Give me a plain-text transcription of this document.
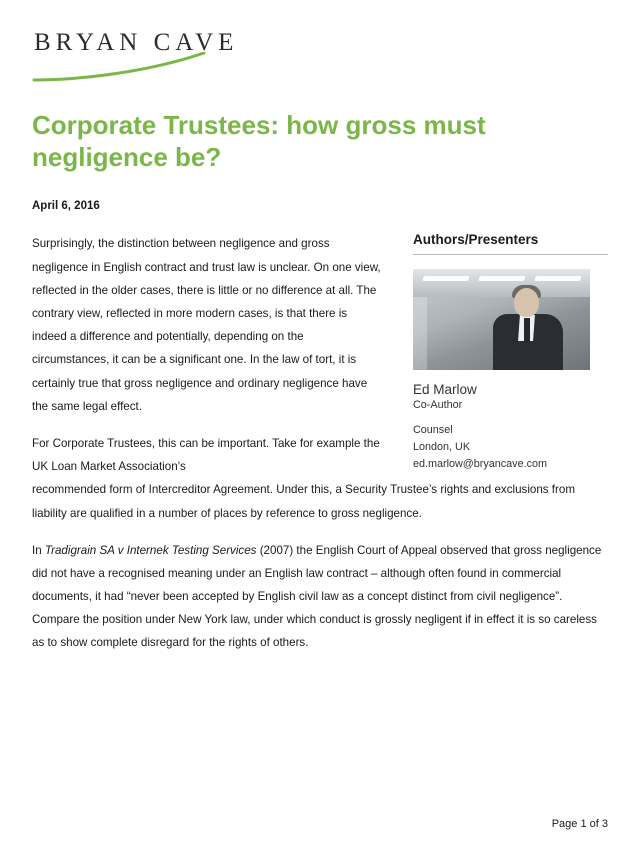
BRYAN CAVE
Corporate Trustees: how gross must negligence be?
April 6, 2016
Authors/Presenters
Ed Marlow
Co-Author
Counsel
London, UK
ed.marlow@bryancave.com

Surprisingly, the distinction between negligence and gross negligence in English contract and trust law is unclear. On one view, reflected in the older cases, there is little or no difference at all. The contrary view, reflected in more modern cases, is that there is indeed a difference and potentially, depending on the circumstances, it can be a significant one. In the law of tort, it is certainly true that gross negligence and ordinary negligence have the same legal effect.

For Corporate Trustees, this can be important. Take for example the UK Loan Market Association’s

recommended form of Intercreditor Agreement. Under this, a Security Trustee’s rights and exclusions from liability are qualified in a number of places by reference to gross negligence.

In Tradigrain SA v Internek Testing Services (2007) the English Court of Appeal observed that gross negligence did not have a recognised meaning under an English law contract – although often found in commercial documents, it had “never been accepted by English civil law as a concept distinct from civil negligence”. Compare the position under New York law, under which conduct is grossly negligent if in effect it is so careless as to show complete disregard for the rights of others.

Page 1 of 3
